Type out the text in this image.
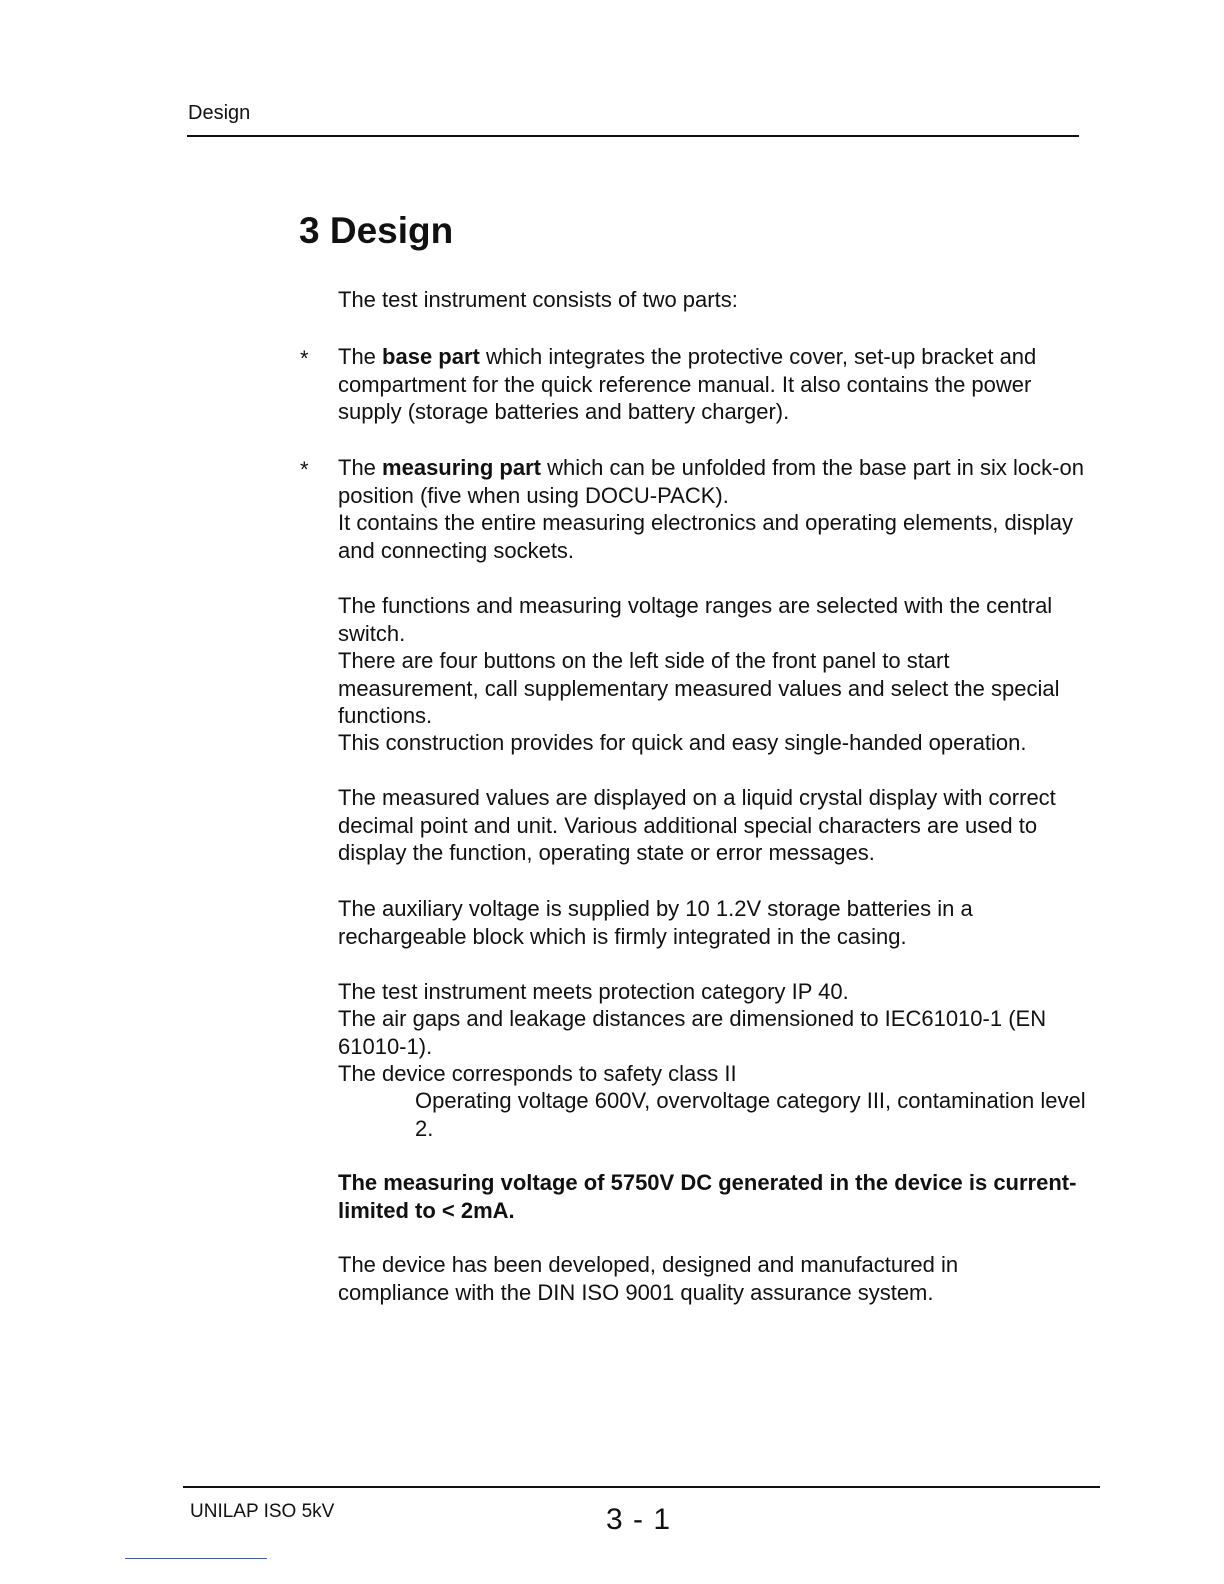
Design
3 Design

The test instrument consists of two parts:

* The base part which integrates the protective cover, set-up bracket and compartment for the quick reference manual. It also contains the power supply (storage batteries and battery charger).

* The measuring part which can be unfolded from the base part in six lock-on position (five when using DOCU-PACK).

It contains the entire measuring electronics and operating elements, display and connecting sockets.

The functions and measuring voltage ranges are selected with the central switch.

There are four buttons on the left side of the front panel to start measurement, call supplementary measured values and select the special functions.

This construction provides for quick and easy single-handed operation.

The measured values are displayed on a liquid crystal display with correct decimal point and unit. Various additional special characters are used to display the function, operating state or error messages.

The auxiliary voltage is supplied by 10 1.2V storage batteries in a rechargeable block which is firmly integrated in the casing.

The test instrument meets protection category IP 40.

The air gaps and leakage distances are dimensioned to IEC61010-1 (EN 61010-1).

The device corresponds to safety class II

Operating voltage 600V, overvoltage category III, contamination level 2.

The measuring voltage of 5750V DC generated in the device is current-limited to < 2mA.

The device has been developed, designed and manufactured in compliance with the DIN ISO 9001 quality assurance system.

UNILAP ISO 5kV	3 - 1
